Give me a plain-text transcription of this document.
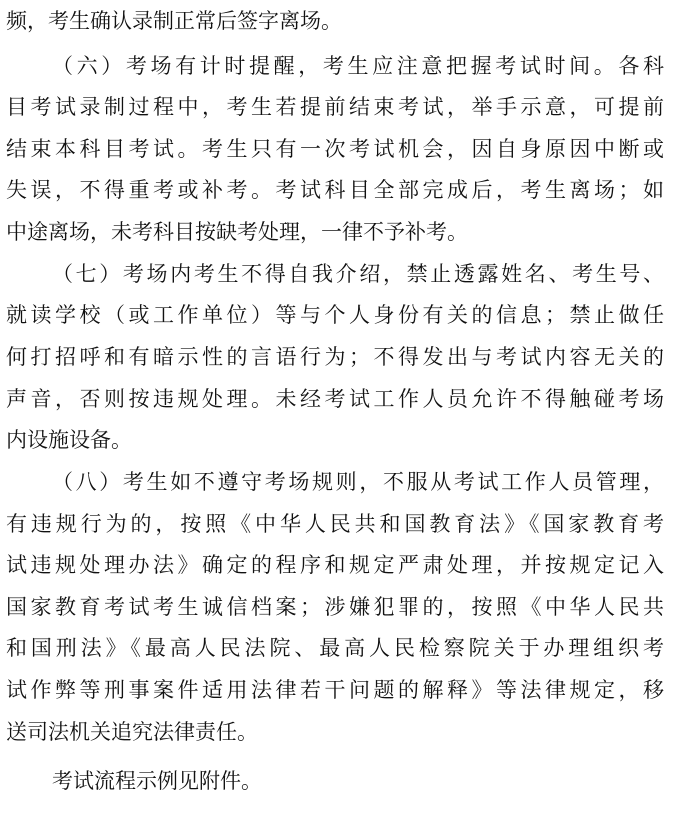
频，考生确认录制正常后签字离场。
（六）考场有计时提醒，考生应注意把握考试时间。各科
目考试录制过程中，考生若提前结束考试，举手示意，可提前
结束本科目考试。考生只有一次考试机会，因自身原因中断或
失误，不得重考或补考。考试科目全部完成后，考生离场；如
中途离场，未考科目按缺考处理，一律不予补考。
（七）考场内考生不得自我介绍，禁止透露姓名、考生号、
就读学校（或工作单位）等与个人身份有关的信息；禁止做任
何打招呼和有暗示性的言语行为；不得发出与考试内容无关的
声音，否则按违规处理。未经考试工作人员允许不得触碰考场
内设施设备。
（八）考生如不遵守考场规则，不服从考试工作人员管理，
有违规行为的，按照《中华人民共和国教育法》《国家教育考
试违规处理办法》确定的程序和规定严肃处理，并按规定记入
国家教育考试考生诚信档案；涉嫌犯罪的，按照《中华人民共
和国刑法》《最高人民法院、最高人民检察院关于办理组织考
试作弊等刑事案件适用法律若干问题的解释》等法律规定，移
送司法机关追究法律责任。
考试流程示例见附件。
